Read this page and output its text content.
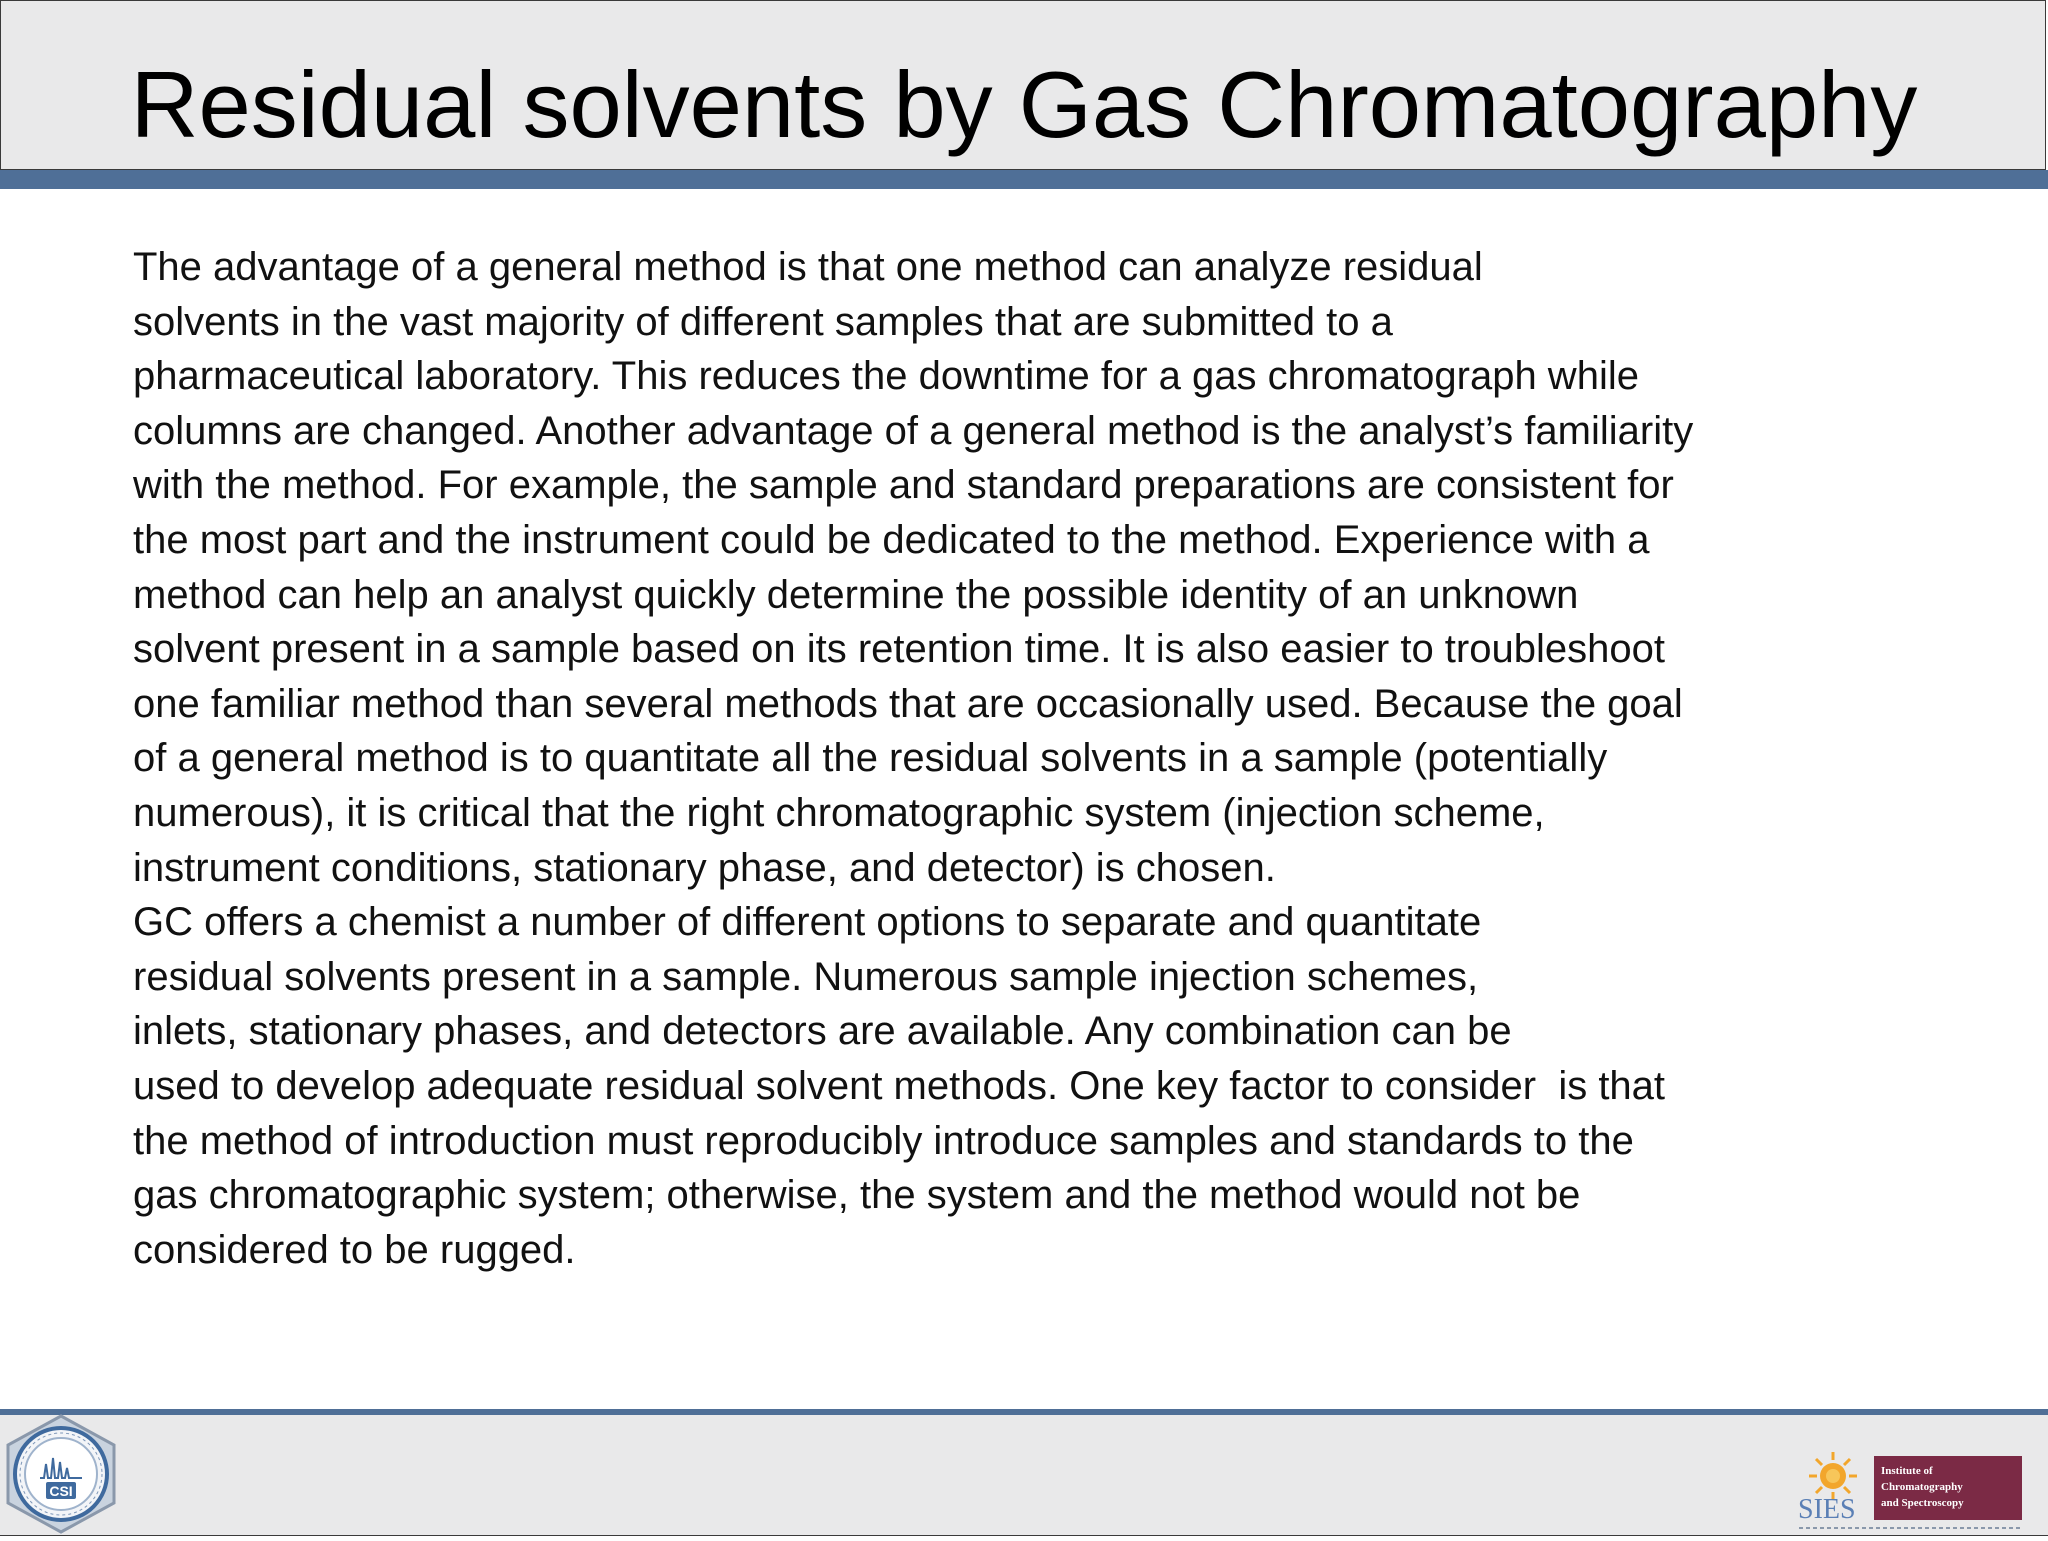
Residual solvents by Gas Chromatography
The advantage of a general method is that one method can analyze residual
solvents in the vast majority of different samples that are submitted to a
pharmaceutical laboratory. This reduces the downtime for a gas chromatograph while
columns are changed. Another advantage of a general method is the analyst’s familiarity
with the method. For example, the sample and standard preparations are consistent for
the most part and the instrument could be dedicated to the method. Experience with a
method can help an analyst quickly determine the possible identity of an unknown
solvent present in a sample based on its retention time. It is also easier to troubleshoot
one familiar method than several methods that are occasionally used. Because the goal
of a general method is to quantitate all the residual solvents in a sample (potentially
numerous), it is critical that the right chromatographic system (injection scheme,
instrument conditions, stationary phase, and detector) is chosen.
GC offers a chemist a number of different options to separate and quantitate
residual solvents present in a sample. Numerous sample injection schemes,
inlets, stationary phases, and detectors are available. Any combination can be
used to develop adequate residual solvent methods. One key factor to consider  is that
the method of introduction must reproducibly introduce samples and standards to the
gas chromatographic system; otherwise, the system and the method would not be
considered to be rugged.
CSI
SIES
Institute of
Chromatography
and Spectroscopy
